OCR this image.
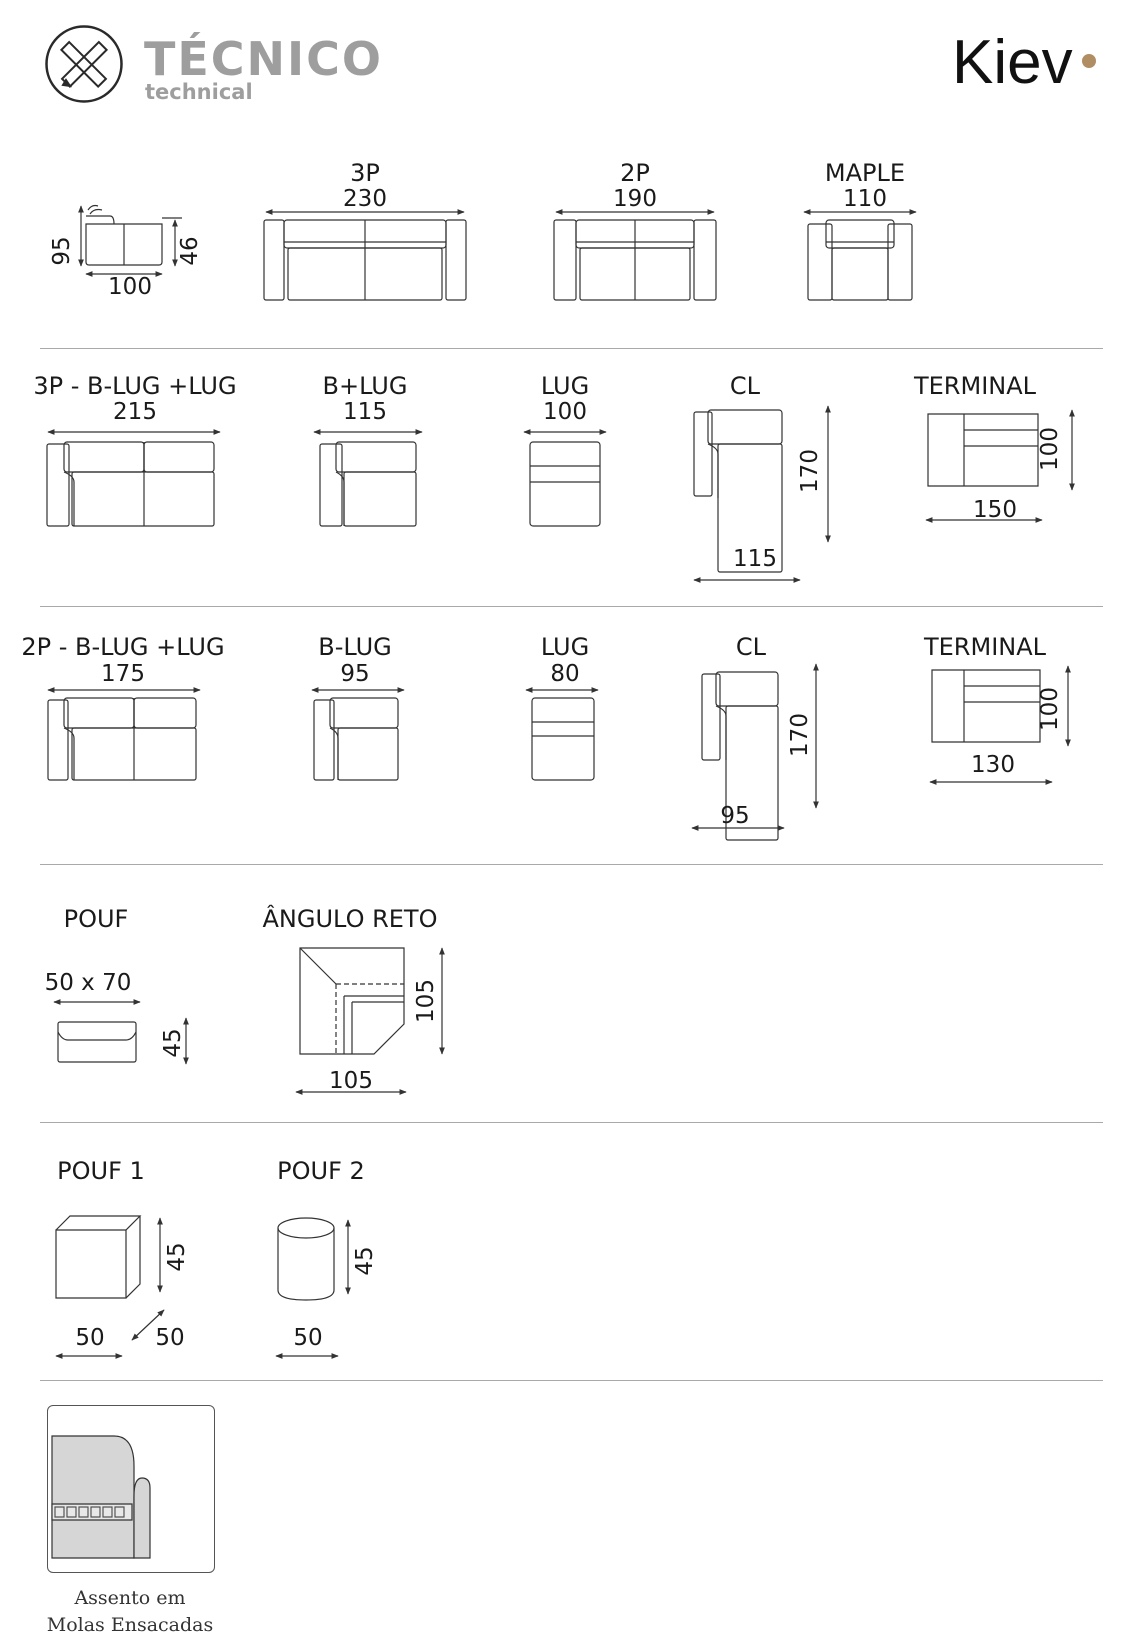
TÉCNICO
technical	Kiev
95	46
100
3P
230
2P
190
MAPLE
110
3P - B-LUG +LUG
215
B+LUG
115
LUG
100
CL
170
115
TERMINAL
100
150
2P - B-LUG +LUG
175
B-LUG
95
LUG
80
CL
170
95
TERMINAL
100
130
POUF
50 x 70
45
ÂNGULO RETO
105
105
POUF 1
45
50	50
POUF 2
45
50
Assento em
Molas Ensacadas
